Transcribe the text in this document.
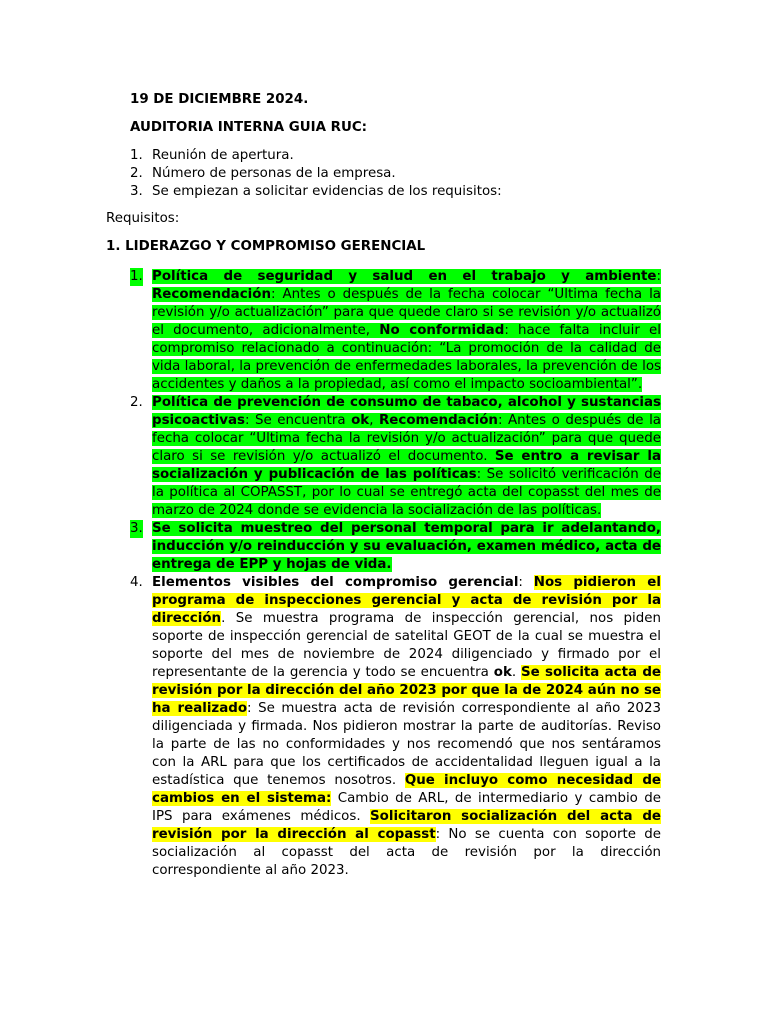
19 DE DICIEMBRE 2024.
AUDITORIA INTERNA GUIA RUC:
1. Reunión de apertura.
2. Número de personas de la empresa.
3. Se empiezan a solicitar evidencias de los requisitos:
Requisitos:
1. LIDERAZGO Y COMPROMISO GERENCIAL
1. Política de seguridad y salud en el trabajo y ambiente: Recomendación: Antes o después de la fecha colocar “Ultima fecha la revisión y/o actualización” para que quede claro si se revisión y/o actualizó el documento, adicionalmente, No conformidad: hace falta incluir el compromiso relacionado a continuación: “La promoción de la calidad de vida laboral, la prevención de enfermedades laborales, la prevención de los accidentes y daños a la propiedad, así como el impacto socioambiental”.
2. Política de prevención de consumo de tabaco, alcohol y sustancias psicoactivas: Se encuentra ok, Recomendación: Antes o después de la fecha colocar “Ultima fecha la revisión y/o actualización” para que quede claro si se revisión y/o actualizó el documento. Se entro a revisar la socialización y publicación de las políticas: Se solicitó verificación de la política al COPASST, por lo cual se entregó acta del copasst del mes de marzo de 2024 donde se evidencia la socialización de las políticas.
3. Se solicita muestreo del personal temporal para ir adelantando, inducción y/o reinducción y su evaluación, examen médico, acta de entrega de EPP y hojas de vida.
4. Elementos visibles del compromiso gerencial: Nos pidieron el programa de inspecciones gerencial y acta de revisión por la dirección. Se muestra programa de inspección gerencial, nos piden soporte de inspección gerencial de satelital GEOT de la cual se muestra el soporte del mes de noviembre de 2024 diligenciado y firmado por el representante de la gerencia y todo se encuentra ok. Se solicita acta de revisión por la dirección del año 2023 por que la de 2024 aún no se ha realizado: Se muestra acta de revisión correspondiente al año 2023 diligenciada y firmada. Nos pidieron mostrar la parte de auditorías. Reviso la parte de las no conformidades y nos recomendó que nos sentáramos con la ARL para que los certificados de accidentalidad lleguen igual a la estadística que tenemos nosotros. Que incluyo como necesidad de cambios en el sistema: Cambio de ARL, de intermediario y cambio de IPS para exámenes médicos. Solicitaron socialización del acta de revisión por la dirección al copasst: No se cuenta con soporte de socialización al copasst del acta de revisión por la dirección correspondiente al año 2023.
